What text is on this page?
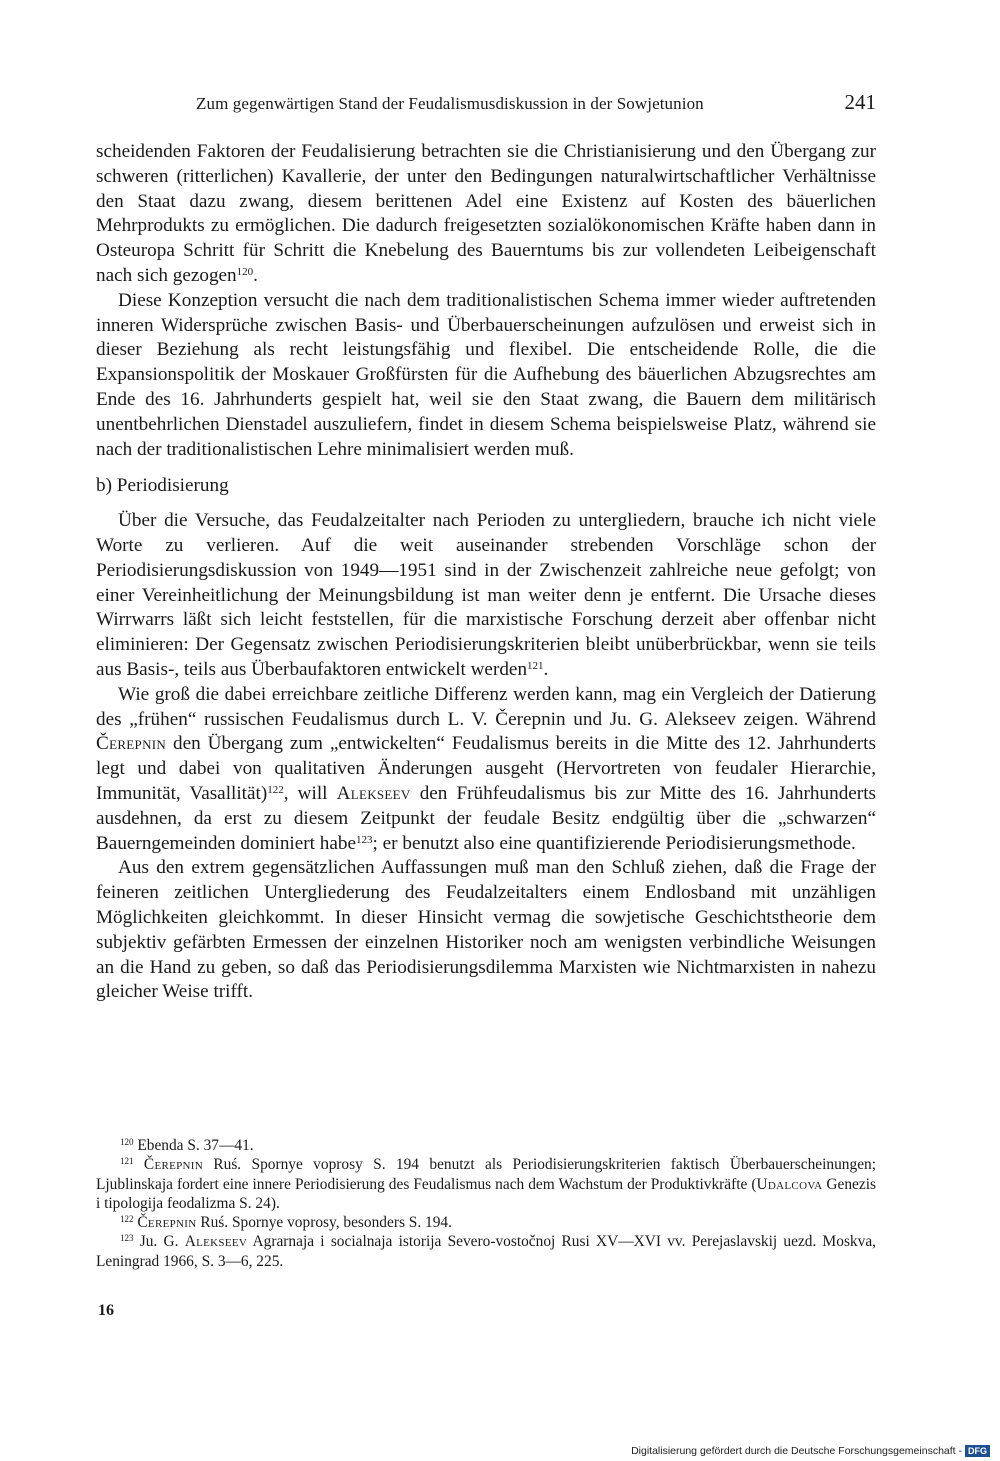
Zum gegenwärtigen Stand der Feudalismusdiskussion in der Sowjetunion	241

scheidenden Faktoren der Feudalisierung betrachten sie die Christianisierung und den Übergang zur schweren (ritterlichen) Kavallerie, der unter den Bedingungen naturalwirtschaftlicher Verhältnisse den Staat dazu zwang, diesem berittenen Adel eine Existenz auf Kosten des bäuerlichen Mehrprodukts zu ermöglichen. Die dadurch freigesetzten sozialökonomischen Kräfte haben dann in Osteuropa Schritt für Schritt die Knebelung des Bauerntums bis zur vollendeten Leibeigenschaft nach sich gezogen$^{120}$.

Diese Konzeption versucht die nach dem traditionalistischen Schema immer wieder auftretenden inneren Widersprüche zwischen Basis- und Überbauerscheinungen aufzulösen und erweist sich in dieser Beziehung als recht leistungsfähig und flexibel. Die entscheidende Rolle, die die Expansionspolitik der Moskauer Großfürsten für die Aufhebung des bäuerlichen Abzugsrechtes am Ende des 16. Jahrhunderts gespielt hat, weil sie den Staat zwang, die Bauern dem militärisch unentbehrlichen Dienstadel auszuliefern, findet in diesem Schema beispielsweise Platz, während sie nach der traditionalistischen Lehre minimalisiert werden muß.

b) Periodisierung

Über die Versuche, das Feudalzeitalter nach Perioden zu untergliedern, brauche ich nicht viele Worte zu verlieren. Auf die weit auseinander strebenden Vorschläge schon der Periodisierungsdiskussion von 1949—1951 sind in der Zwischenzeit zahlreiche neue gefolgt; von einer Vereinheitlichung der Meinungsbildung ist man weiter denn je entfernt. Die Ursache dieses Wirrwarrs läßt sich leicht feststellen, für die marxistische Forschung derzeit aber offenbar nicht eliminieren: Der Gegensatz zwischen Periodisierungskriterien bleibt unüberbrückbar, wenn sie teils aus Basis-, teils aus Überbaufaktoren entwickelt werden$^{121}$.

Wie groß die dabei erreichbare zeitliche Differenz werden kann, mag ein Vergleich der Datierung des „frühen“ russischen Feudalismus durch L. V. Čerepnin und Ju. G. Alekseev zeigen. Während Čerepnin den Übergang zum „entwickelten“ Feudalismus bereits in die Mitte des 12. Jahrhunderts legt und dabei von qualitativen Änderungen ausgeht (Hervortreten von feudaler Hierarchie, Immunität, Vasallität)$^{122}$, will Alekseev den Frühfeudalismus bis zur Mitte des 16. Jahrhunderts ausdehnen, da erst zu diesem Zeitpunkt der feudale Besitz endgültig über die „schwarzen“ Bauerngemeinden dominiert habe$^{123}$; er benutzt also eine quantifizierende Periodisierungsmethode.

Aus den extrem gegensätzlichen Auffassungen muß man den Schluß ziehen, daß die Frage der feineren zeitlichen Untergliederung des Feudalzeitalters einem Endlosband mit unzähligen Möglichkeiten gleichkommt. In dieser Hinsicht vermag die sowjetische Geschichtstheorie dem subjektiv gefärbten Ermessen der einzelnen Historiker noch am wenigsten verbindliche Weisungen an die Hand zu geben, so daß das Periodisierungsdilemma Marxisten wie Nichtmarxisten in nahezu gleicher Weise trifft.

$^{120}$ Ebenda S. 37—41.

$^{121}$ Čerepnin Ruś. Spornye voprosy S. 194 benutzt als Periodisierungskriterien faktisch Überbauerscheinungen; Ljublinskaja fordert eine innere Periodisierung des Feudalismus nach dem Wachstum der Produktivkräfte (Udalcova Genezis i tipologija feodalizma S. 24).

$^{122}$ Čerepnin Ruś. Spornye voprosy, besonders S. 194.

$^{123}$ Ju. G. Alekseev Agrarnaja i socialnaja istorija Severo-vostočnoj Rusi XV—XVI vv. Perejaslavskij uezd. Moskva, Leningrad 1966, S. 3—6, 225.

16
Digitalisierung gefördert durch die Deutsche Forschungsgemeinschaft - DFG
